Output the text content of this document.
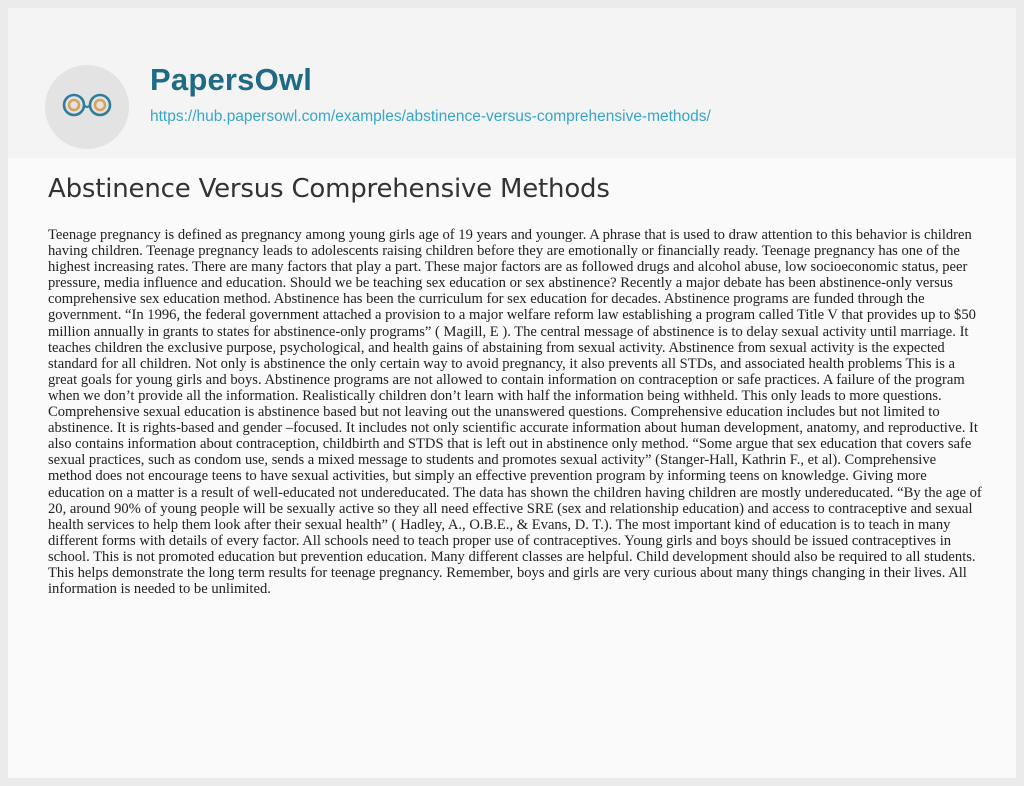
PapersOwl
https://hub.papersowl.com/examples/abstinence-versus-comprehensive-methods/
Abstinence Versus Comprehensive Methods

Teenage pregnancy is defined as pregnancy among young girls age of 19 years and younger. A phrase that is used to draw attention to this behavior is children having children. Teenage pregnancy leads to adolescents raising children before they are emotionally or financially ready. Teenage pregnancy has one of the highest increasing rates. There are many factors that play a part. These major factors are as followed drugs and alcohol abuse, low socioeconomic status, peer pressure, media influence and education. Should we be teaching sex education or sex abstinence? Recently a major debate has been abstinence-only versus comprehensive sex education method. Abstinence has been the curriculum for sex education for decades. Abstinence programs are funded through the government. “In 1996, the federal government attached a provision to a major welfare reform law establishing a program called Title V that provides up to $50 million annually in grants to states for abstinence-only programs” ( Magill, E ). The central message of abstinence is to delay sexual activity until marriage. It teaches children the exclusive purpose, psychological, and health gains of abstaining from sexual activity. Abstinence from sexual activity is the expected standard for all children. Not only is abstinence the only certain way to avoid pregnancy, it also prevents all STDs, and associated health problems This is a great goals for young girls and boys. Abstinence programs are not allowed to contain information on contraception or safe practices. A failure of the program when we don’t provide all the information. Realistically children don’t learn with half the information being withheld. This only leads to more questions. Comprehensive sexual education is abstinence based but not leaving out the unanswered questions. Comprehensive education includes but not limited to abstinence. It is rights-based and gender –focused. It includes not only scientific accurate information about human development, anatomy, and reproductive. It also contains information about contraception, childbirth and STDS that is left out in abstinence only method. “Some argue that sex education that covers safe sexual practices, such as condom use, sends a mixed message to students and promotes sexual activity” (Stanger-Hall, Kathrin F., et al). Comprehensive method does not encourage teens to have sexual activities, but simply an effective prevention program by informing teens on knowledge. Giving more education on a matter is a result of well-educated not undereducated. The data has shown the children having children are mostly undereducated. “By the age of 20, around 90% of young people will be sexually active so they all need effective SRE (sex and relationship education) and access to contraceptive and sexual health services to help them look after their sexual health” ( Hadley, A., O.B.E., & Evans, D. T.). The most important kind of education is to teach in many different forms with details of every factor. All schools need to teach proper use of contraceptives. Young girls and boys should be issued contraceptives in school. This is not promoted education but prevention education. Many different classes are helpful. Child development should also be required to all students. This helps demonstrate the long term results for teenage pregnancy. Remember, boys and girls are very curious about many things changing in their lives. All information is needed to be unlimited.
